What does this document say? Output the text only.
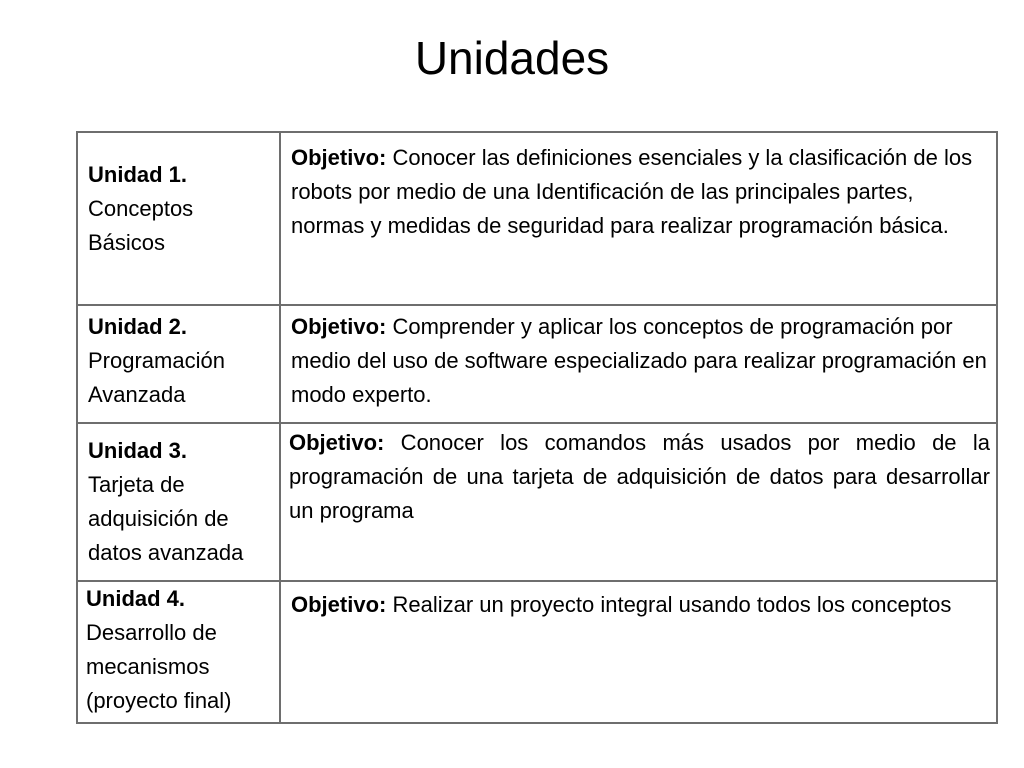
Unidades
Unidad 1.
Conceptos Básicos	Objetivo: Conocer las definiciones esenciales y la clasificación de los robots por medio de una Identificación de las principales partes, normas y medidas de seguridad para realizar programación básica.

Unidad 2.
Programación Avanzada	Objetivo: Comprender y aplicar los conceptos de programación por medio del uso de software especializado para realizar programación en modo experto.

Unidad 3.
Tarjeta de adquisición de datos avanzada	Objetivo: Conocer los comandos más usados por medio de la programación de una tarjeta de adquisición de datos para desarrollar un programa

Unidad 4.
Desarrollo de mecanismos (proyecto final)	Objetivo: Realizar un proyecto integral usando todos los conceptos
